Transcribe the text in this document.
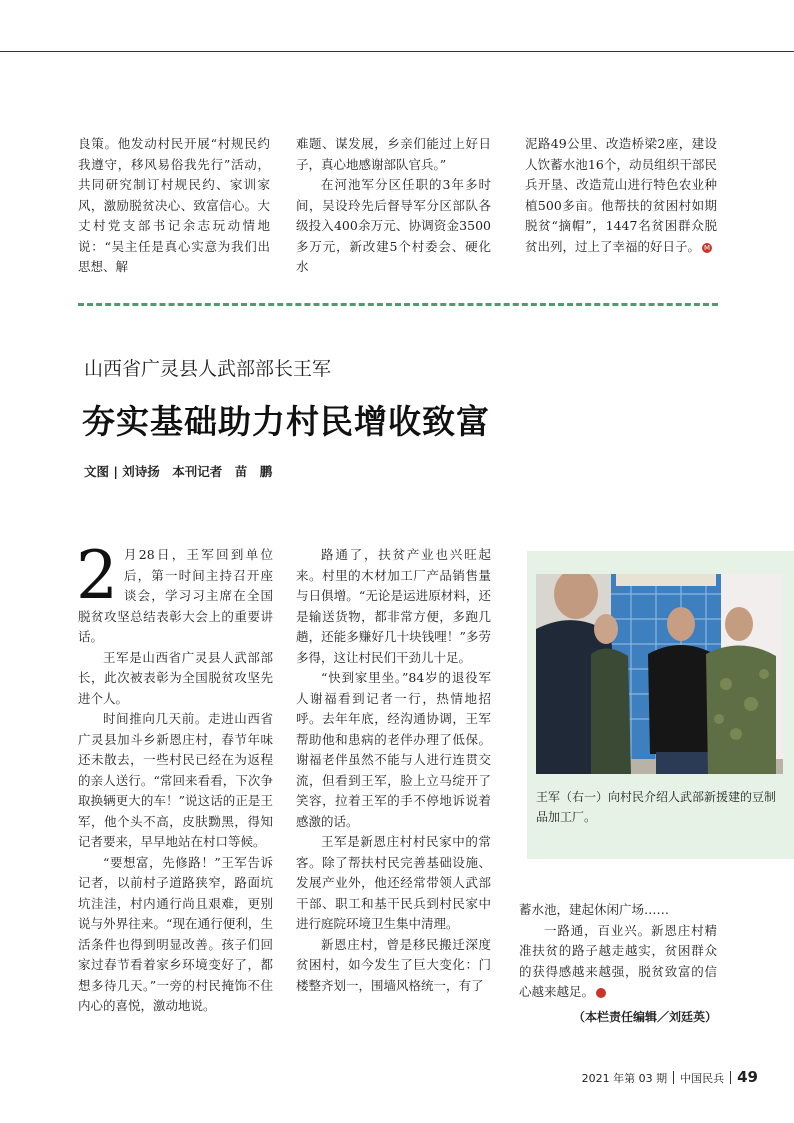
良策。他发动村民开展“村规民约我遵守，移风易俗我先行”活动，共同研究制订村规民约、家训家风，激励脱贫决心、致富信心。大丈村党支部书记余志玩动情地说：“吴主任是真心实意为我们出思想、解

难题、谋发展，乡亲们能过上好日子，真心地感谢部队官兵。”

在河池军分区任职的3年多时间，吴设玲先后督导军分区部队各级投入400余万元、协调资金3500多万元，新改建5个村委会、硬化水

泥路49公里、改造桥梁2座，建设人饮蓄水池16个，动员组织干部民兵开垦、改造荒山进行特色农业种植500多亩。他帮扶的贫困村如期脱贫“摘帽”，1447名贫困群众脱贫出列，过上了幸福的好日子。 M

山西省广灵县人武部部长王军
夯实基础助力村民增收致富
文图 | 刘诗扬　本刊记者　苗　鹏

2 月28日，王军回到单位后，第一时间主持召开座谈会，学习习主席在全国脱贫攻坚总结表彰大会上的重要讲话。

王军是山西省广灵县人武部部长，此次被表彰为全国脱贫攻坚先进个人。

时间推向几天前。走进山西省广灵县加斗乡新恩庄村，春节年味还未散去，一些村民已经在为返程的亲人送行。“常回来看看，下次争取换辆更大的车！”说这话的正是王军，他个头不高，皮肤黝黑，得知记者要来，早早地站在村口等候。

“要想富，先修路！”王军告诉记者，以前村子道路狭窄，路面坑坑洼洼，村内通行尚且艰难，更别说与外界往来。“现在通行便利，生活条件也得到明显改善。孩子们回家过春节看着家乡环境变好了，都想多待几天。”一旁的村民掩饰不住内心的喜悦，激动地说。

路通了，扶贫产业也兴旺起来。村里的木材加工厂产品销售量与日俱增。“无论是运进原材料，还是输送货物，都非常方便，多跑几趟，还能多赚好几十块钱哩！”多劳多得，这让村民们干劲儿十足。

“快到家里坐。”84岁的退役军人谢福看到记者一行，热情地招呼。去年年底，经沟通协调，王军帮助他和患病的老伴办理了低保。谢福老伴虽然不能与人进行连贯交流，但看到王军，脸上立马绽开了笑容，拉着王军的手不停地诉说着感激的话。

王军是新恩庄村村民家中的常客。除了帮扶村民完善基础设施、发展产业外，他还经常带领人武部干部、职工和基干民兵到村民家中进行庭院环境卫生集中清理。

新恩庄村，曾是移民搬迁深度贫困村，如今发生了巨大变化：门楼整齐划一，围墙风格统一，有了

王军（右一）向村民介绍人武部新援建的豆制品加工厂。

蓄水池，建起休闲广场……

一路通，百业兴。新恩庄村精准扶贫的路子越走越实，贫困群众的获得感越来越强，脱贫致富的信心越来越足。	M

（本栏责任编辑／刘廷英）

2021 年第 03 期 中国民兵 49
